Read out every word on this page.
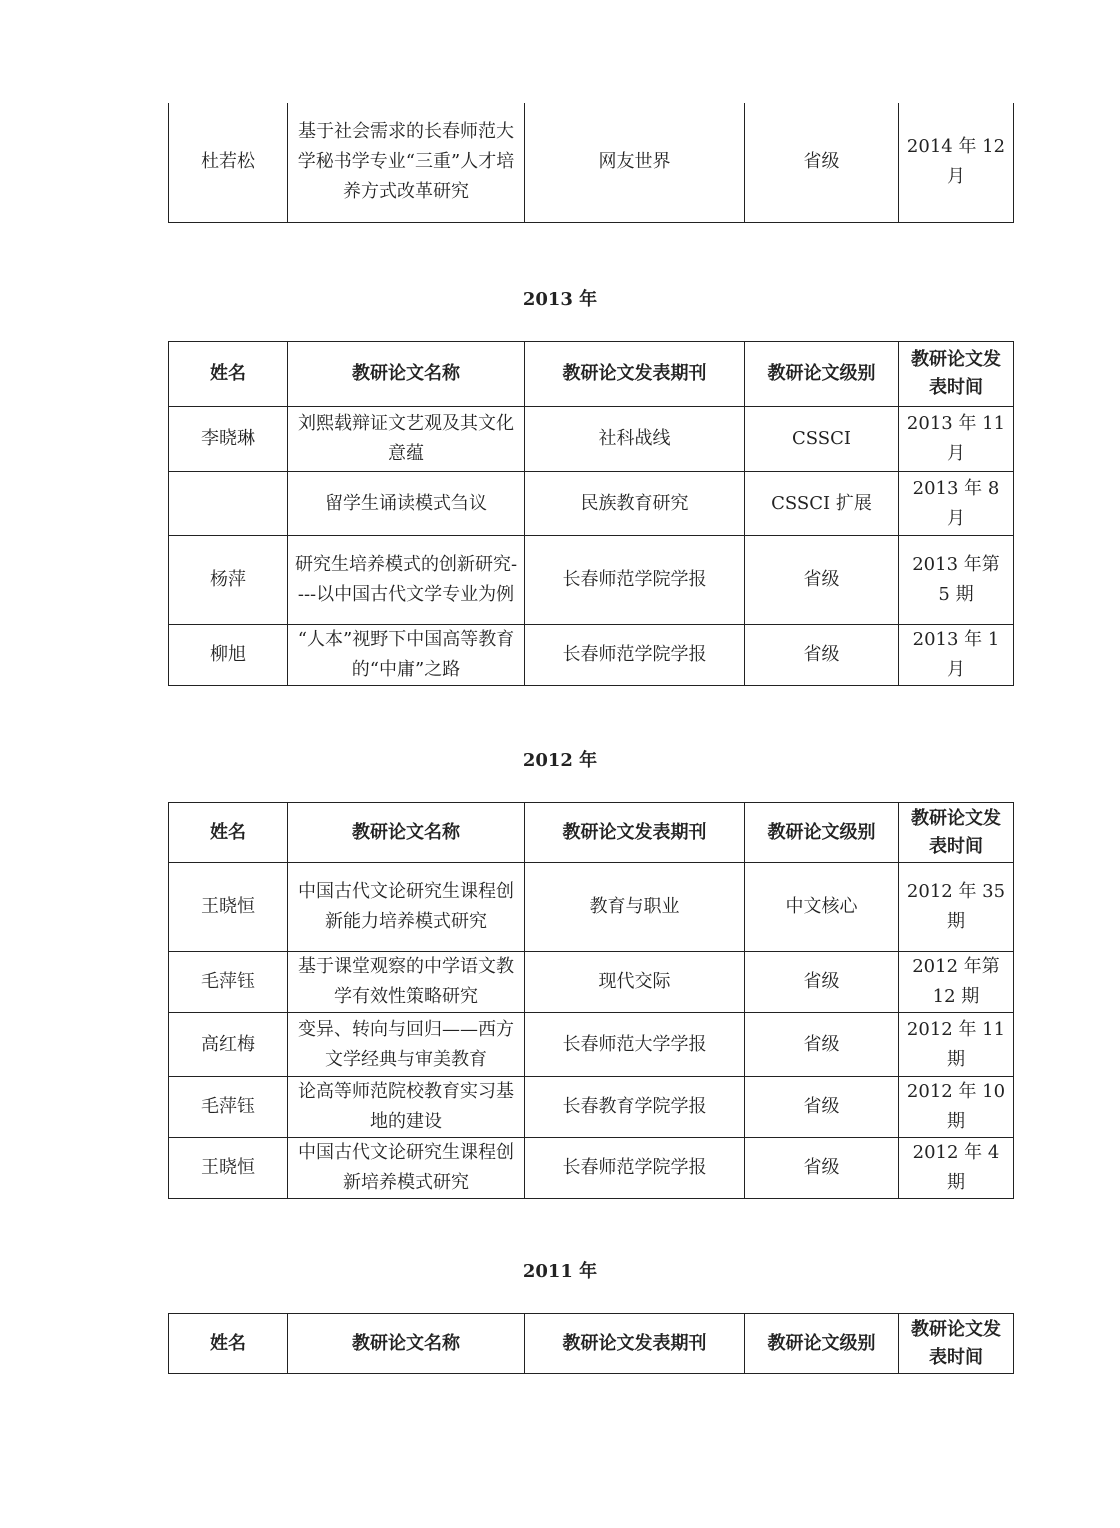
杜若松	基于社会需求的长春师范大学秘书学专业“三重”人才培养方式改革研究	网友世界	省级	2014 年 12 月
2013 年
姓名	教研论文名称	教研论文发表期刊	教研论文级别	教研论文发表时间
李晓琳	刘熙载辩证文艺观及其文化意蕴	社科战线	CSSCI	2013 年 11 月
	留学生诵读模式刍议	民族教育研究	CSSCI 扩展	2013 年 8 月
杨萍	研究生培养模式的创新研究----以中国古代文学专业为例	长春师范学院学报	省级	2013 年第 5 期
柳旭	“人本”视野下中国高等教育的“中庸”之路	长春师范学院学报	省级	2013 年 1 月
2012 年
姓名	教研论文名称	教研论文发表期刊	教研论文级别	教研论文发表时间
王晓恒	中国古代文论研究生课程创新能力培养模式研究	教育与职业	中文核心	2012 年 35 期
毛萍钰	基于课堂观察的中学语文教学有效性策略研究	现代交际	省级	2012 年第 12 期
高红梅	变异、转向与回归——西方文学经典与审美教育	长春师范大学学报	省级	2012 年 11 期
毛萍钰	论高等师范院校教育实习基地的建设	长春教育学院学报	省级	2012 年 10 期
王晓恒	中国古代文论研究生课程创新培养模式研究	长春师范学院学报	省级	2012 年 4 期
2011 年
姓名	教研论文名称	教研论文发表期刊	教研论文级别	教研论文发表时间
